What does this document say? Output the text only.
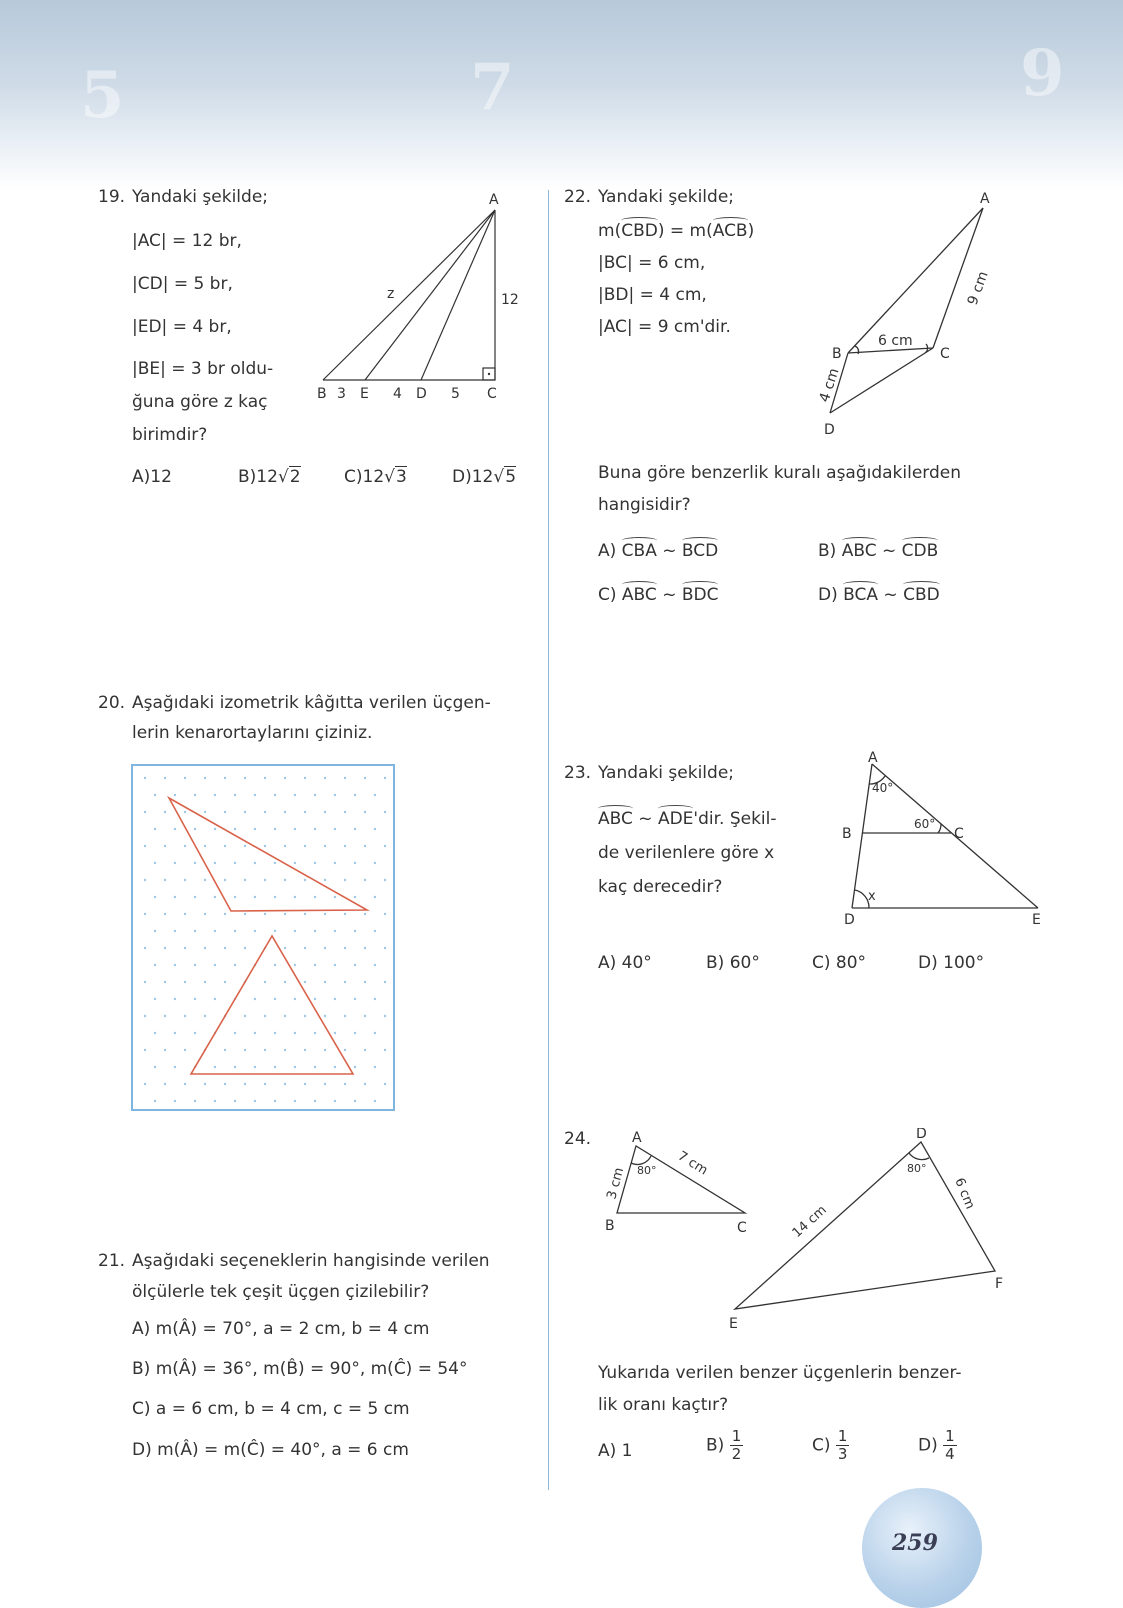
5	7	9
19. Yandaki şekilde;
|AC| = 12 br,
|CD| = 5 br,
|ED| = 4 br,
|BE| = 3 br oldu-
ğuna göre z kaç
birimdir?
A
B 3 E 4 D 5 C
z	12
A)12	B)12√2	C)12√3	D)12√5
20. Aşağıdaki izometrik kâğıtta verilen üçgen-
lerin kenarortaylarını çiziniz.
21. Aşağıdaki seçeneklerin hangisinde verilen
ölçülerle tek çeşit üçgen çizilebilir?
A) m(Â) = 70°, a = 2 cm, b = 4 cm
B) m(Â) = 36°, m(B̂) = 90°, m(Ĉ) = 54°
C) a = 6 cm, b = 4 cm, c = 5 cm
D) m(Â) = m(Ĉ) = 40°, a = 6 cm
22. Yandaki şekilde;
m(CBD) = m(ACB)
|BC| = 6 cm,
|BD| = 4 cm,
|AC| = 9 cm'dir.
A
B	C
D
6 cm
9 cm
4 cm
Buna göre benzerlik kuralı aşağıdakilerden
hangisidir?
A) CBA ~ BCD	B) ABC ~ CDB
C) ABC ~ BDC	D) BCA ~ CBD
23. Yandaki şekilde;
ABC ~ ADE'dir. Şekil-
de verilenlere göre x
kaç derecedir?
A
B	C
D	E
40°
60°
x
A) 40°	B) 60°	C) 80°	D) 100°
24.	A
B	C
3 cm
7 cm
80°
D
E
F
14 cm
6 cm
80°
Yukarıda verilen benzer üçgenlerin benzer-
lik oranı kaçtır?
A) 1	$B) \frac{1}{2}$	$C) \frac{1}{3}$	$D) \frac{1}{4}$
259
